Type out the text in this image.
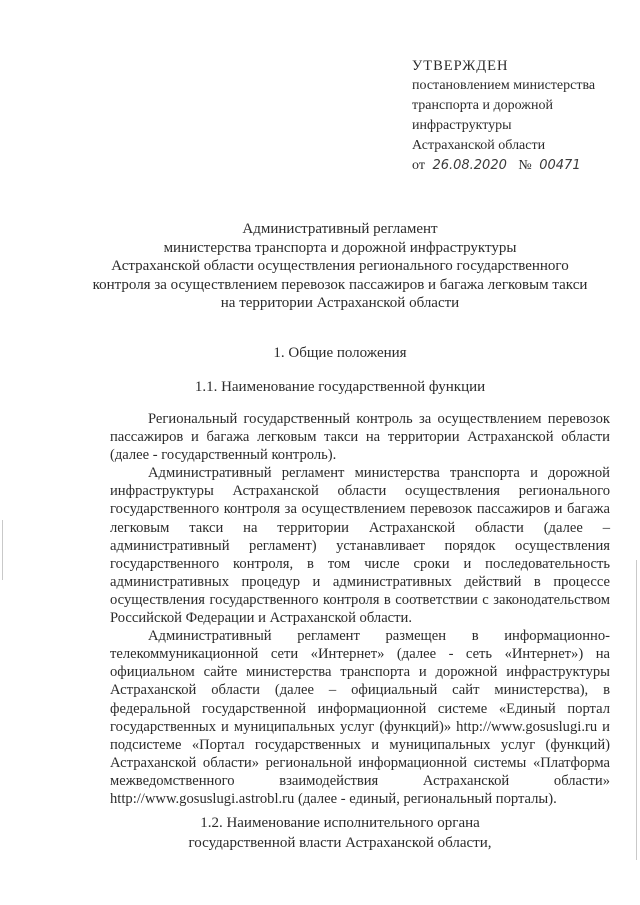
УТВЕРЖДЕН
постановлением министерства
транспорта и дорожной
инфраструктуры
Астраханской области
от 26.08.2020 № 00471
Административный регламент
министерства транспорта и дорожной инфраструктуры
Астраханской области осуществления регионального государственного
контроля за осуществлением перевозок пассажиров и багажа легковым такси
на территории Астраханской области
1. Общие положения
1.1. Наименование государственной функции

Региональный государственный контроль за осуществлением перевозок пассажиров и багажа легковым такси на территории Астраханской области (далее - государственный контроль).

Административный регламент министерства транспорта и дорожной инфраструктуры Астраханской области осуществления регионального государственного контроля за осуществлением перевозок пассажиров и багажа легковым такси на территории Астраханской области (далее – административный регламент) устанавливает порядок осуществления государственного контроля, в том числе сроки и последовательность административных процедур и административных действий в процессе осуществления государственного контроля в соответствии с законодательством Российской Федерации и Астраханской области.

Административный регламент размещен в информационно-телекоммуникационной сети «Интернет» (далее - сеть «Интернет») на официальном сайте министерства транспорта и дорожной инфраструктуры Астраханской области (далее – официальный сайт министерства), в федеральной государственной информационной системе «Единый портал государственных и муниципальных услуг (функций)» http://www.gosuslugi.ru и подсистеме «Портал государственных и муниципальных услуг (функций) Астраханской области» региональной информационной системы «Платформа межведомственного взаимодействия Астраханской области» http://www.gosuslugi.astrobl.ru (далее - единый, региональный порталы).

1.2. Наименование исполнительного органа
государственной власти Астраханской области,
